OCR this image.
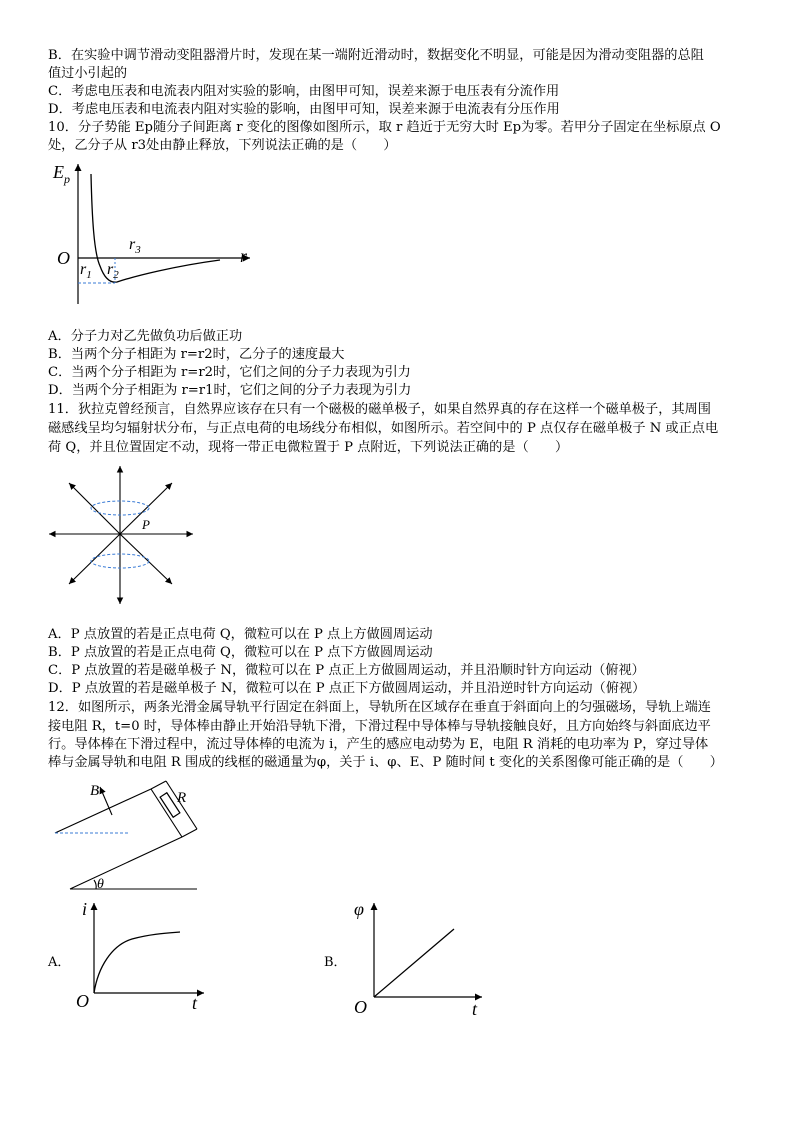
B．在实验中调节滑动变阻器滑片时，发现在某一端附近滑动时，数据变化不明显，可能是因为滑动变阻器的总阻
值过小引起的
C．考虑电压表和电流表内阻对实验的影响，由图甲可知，误差来源于电压表有分流作用
D．考虑电压表和电流表内阻对实验的影响，由图甲可知，误差来源于电流表有分压作用
10．分子势能 Ep随分子间距离 r 变化的图像如图所示，取 r 趋近于无穷大时 Ep为零。若甲分子固定在坐标原点 O
处，乙分子从 r3处由静止释放，下列说法正确的是（　　）
$E_p$
O	r
$r_1$ $r_2$
$r_3$
A．分子力对乙先做负功后做正功
B．当两个分子相距为 r=r2时，乙分子的速度最大
C．当两个分子相距为 r=r2时，它们之间的分子力表现为引力
D．当两个分子相距为 r=r1时，它们之间的分子力表现为引力
11．狄拉克曾经预言，自然界应该存在只有一个磁极的磁单极子，如果自然界真的存在这样一个磁单极子，其周围
磁感线呈均匀辐射状分布，与正点电荷的电场线分布相似，如图所示。若空间中的 P 点仅存在磁单极子 N 或正点电
荷 Q，并且位置固定不动，现将一带正电微粒置于 P 点附近，下列说法正确的是（　　）
P
A．P 点放置的若是正点电荷 Q，微粒可以在 P 点上方做圆周运动
B．P 点放置的若是正点电荷 Q，微粒可以在 P 点下方做圆周运动
C．P 点放置的若是磁单极子 N，微粒可以在 P 点正上方做圆周运动，并且沿顺时针方向运动（俯视）
D．P 点放置的若是磁单极子 N，微粒可以在 P 点正下方做圆周运动，并且沿逆时针方向运动（俯视）
12．如图所示，两条光滑金属导轨平行固定在斜面上，导轨所在区域存在垂直于斜面向上的匀强磁场，导轨上端连
接电阻 R，t=0 时，导体棒由静止开始沿导轨下滑，下滑过程中导体棒与导轨接触良好，且方向始终与斜面底边平
行。导体棒在下滑过程中，流过导体棒的电流为 i，产生的感应电动势为 E，电阻 R 消耗的电功率为 P，穿过导体
棒与金属导轨和电阻 R 围成的线框的磁通量为φ，关于 i、φ、E、P 随时间 t 变化的关系图像可能正确的是（　　）
B	R
θ
A．
i
O	t
B．
φ
O	t
